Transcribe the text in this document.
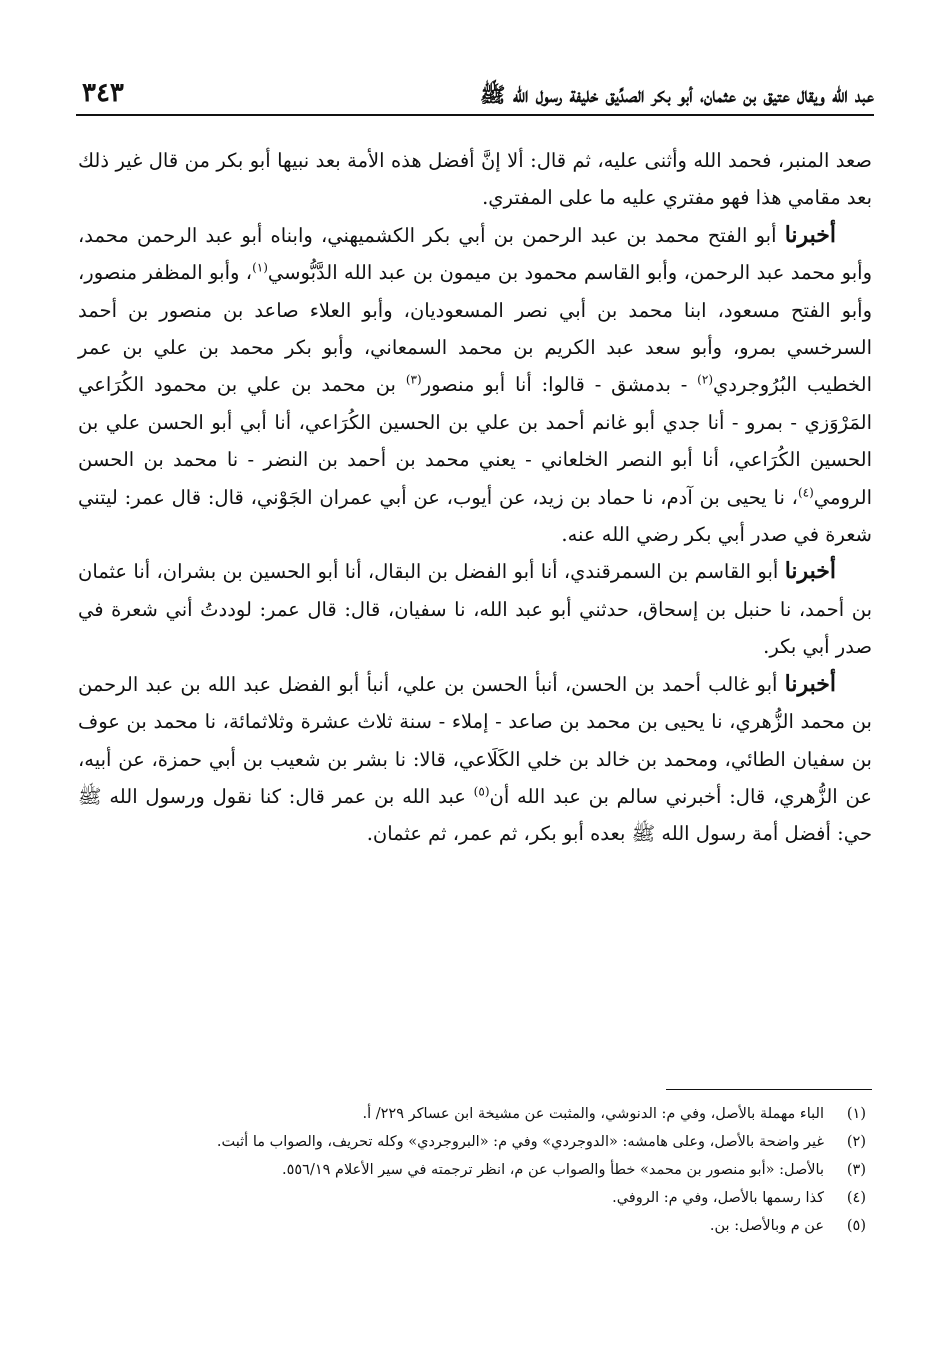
عبد الله ويقال عتيق بن عثمان، أبو بكر الصدِّيق خليفة رسول الله ﷺ
٣٤٣

صعد المنبر، فحمد الله وأثنى عليه، ثم قال: ألا إنَّ أفضل هذه الأمة بعد نبيها أبو بكر من قال غير ذلك بعد مقامي هذا فهو مفتري عليه ما على المفتري.

أخبرنا أبو الفتح محمد بن عبد الرحمن بن أبي بكر الكشميهني، وابناه أبو عبد الرحمن محمد، وأبو محمد عبد الرحمن، وأبو القاسم محمود بن ميمون بن عبد الله الدَّبُّوسي$^{(١)}$، وأبو المظفر منصور، وأبو الفتح مسعود، ابنا محمد بن أبي نصر المسعوديان، وأبو العلاء صاعد بن منصور بن أحمد السرخسي بمرو، وأبو سعد عبد الكريم بن محمد السمعاني، وأبو بكر محمد بن علي بن عمر الخطيب البُرُوجردي$^{(٢)}$ - بدمشق - قالوا: أنا أبو منصور$^{(٣)}$ بن محمد بن علي بن محمود الكُرَاعي المَرْوَزي - بمرو - أنا جدي أبو غانم أحمد بن علي بن الحسين الكُرَاعي، أنا أبي أبو الحسن علي بن الحسين الكُرَاعي، أنا أبو النصر الخلعاني - يعني محمد بن أحمد بن النضر - نا محمد بن الحسن الرومي$^{(٤)}$، نا يحيى بن آدم، نا حماد بن زيد، عن أيوب، عن أبي عمران الجَوْني، قال: قال عمر: ليتني شعرة في صدر أبي بكر رضي الله عنه.

أخبرنا أبو القاسم بن السمرقندي، أنا أبو الفضل بن البقال، أنا أبو الحسين بن بشران، أنا عثمان بن أحمد، نا حنبل بن إسحاق، حدثني أبو عبد الله، نا سفيان، قال: قال عمر: لوددتُ أني شعرة في صدر أبي بكر.

أخبرنا أبو غالب أحمد بن الحسن، أنبأ الحسن بن علي، أنبأ أبو الفضل عبد الله بن عبد الرحمن بن محمد الزُّهري، نا يحيى بن محمد بن صاعد - إملاء - سنة ثلاث عشرة وثلاثمائة، نا محمد بن عوف بن سفيان الطائي، ومحمد بن خالد بن خلي الكَلَاعي، قالا: نا بشر بن شعيب بن أبي حمزة، عن أبيه، عن الزُّهري، قال: أخبرني سالم بن عبد الله أن$^{(٥)}$ عبد الله بن عمر قال: كنا نقول ورسول الله ﷺ حي: أفضل أمة رسول الله ﷺ بعده أبو بكر، ثم عمر، ثم عثمان.

(١)
الباء مهملة بالأصل، وفي م: الدنوشي، والمثبت عن مشيخة ابن عساكر ٢٢٩/ أ.

(٢)
غير واضحة بالأصل، وعلى هامشه: «الدوجردي» وفي م: «البروجردي» وكله تحريف، والصواب ما أثبت.

(٣)
بالأصل: «أبو منصور بن محمد» خطأ والصواب عن م، انظر ترجمته في سير الأعلام ٥٥٦/١٩.

(٤)
كذا رسمها بالأصل، وفي م: الروفي.

(٥)
عن م وبالأصل: بن.
